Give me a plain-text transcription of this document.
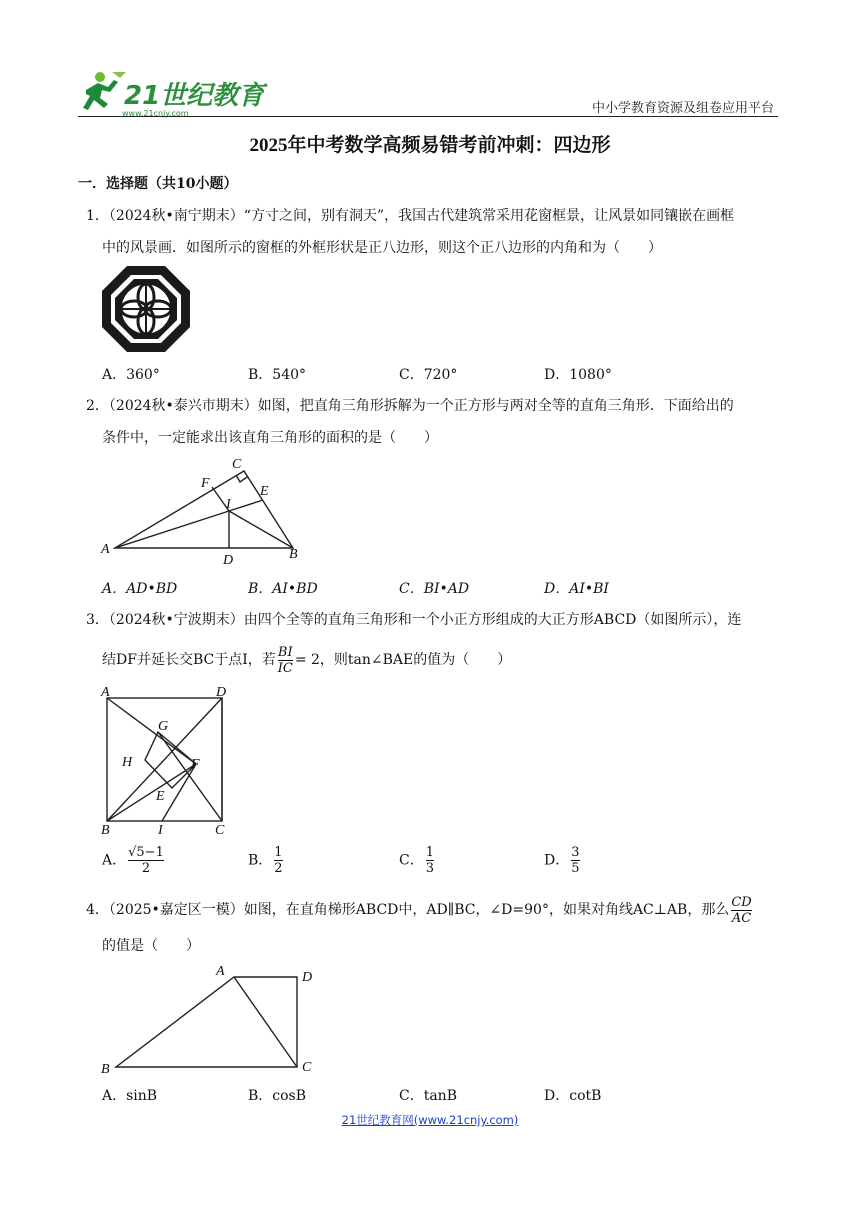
21世纪教育
www.21cnjy.com	中小学教育资源及组卷应用平台
2025年中考数学高频易错考前冲刺：四边形
一．选择题（共10小题）
1．（2024秋•南宁期末）“方寸之间，别有洞天”，我国古代建筑常采用花窗框景，让风景如同镶嵌在画框
中的风景画．如图所示的窗框的外框形状是正八边形，则这个正八边形的内角和为（　　）
A．360°	B．540°	C．720°	D．1080°
2．（2024秋•泰兴市期末）如图，把直角三角形拆解为一个正方形与两对全等的直角三角形．下面给出的
条件中，一定能求出该直角三角形的面积的是（　　）
C
F
E
I
A
D	B
A．AD•BD	B．AI•BD	C．BI•AD	D．AI•BI
3．（2024秋•宁波期末）由四个全等的直角三角形和一个小正方形组成的大正方形ABCD（如图所示），连
结DF并延长交BC于点I，若 $\frac{BI}{IC} = 2$，则tan∠BAE的值为（　　）
A	D
G
H	F
E
B	I	C
A． $\frac{√5-1}{2}$	B． $\frac{1}{2}$	C． $\frac{1}{3}$	D． $\frac{3}{5}$
4．（2025•嘉定区一模）如图，在直角梯形ABCD中，AD∥BC，∠D=90°，如果对角线AC⊥AB，那么 $\frac{CD}{AC}$
的值是（　　）
A	D
B	C
A．sinB	B．cosB	C．tanB	D．cotB
21世纪教育网(www.21cnjy.com)
